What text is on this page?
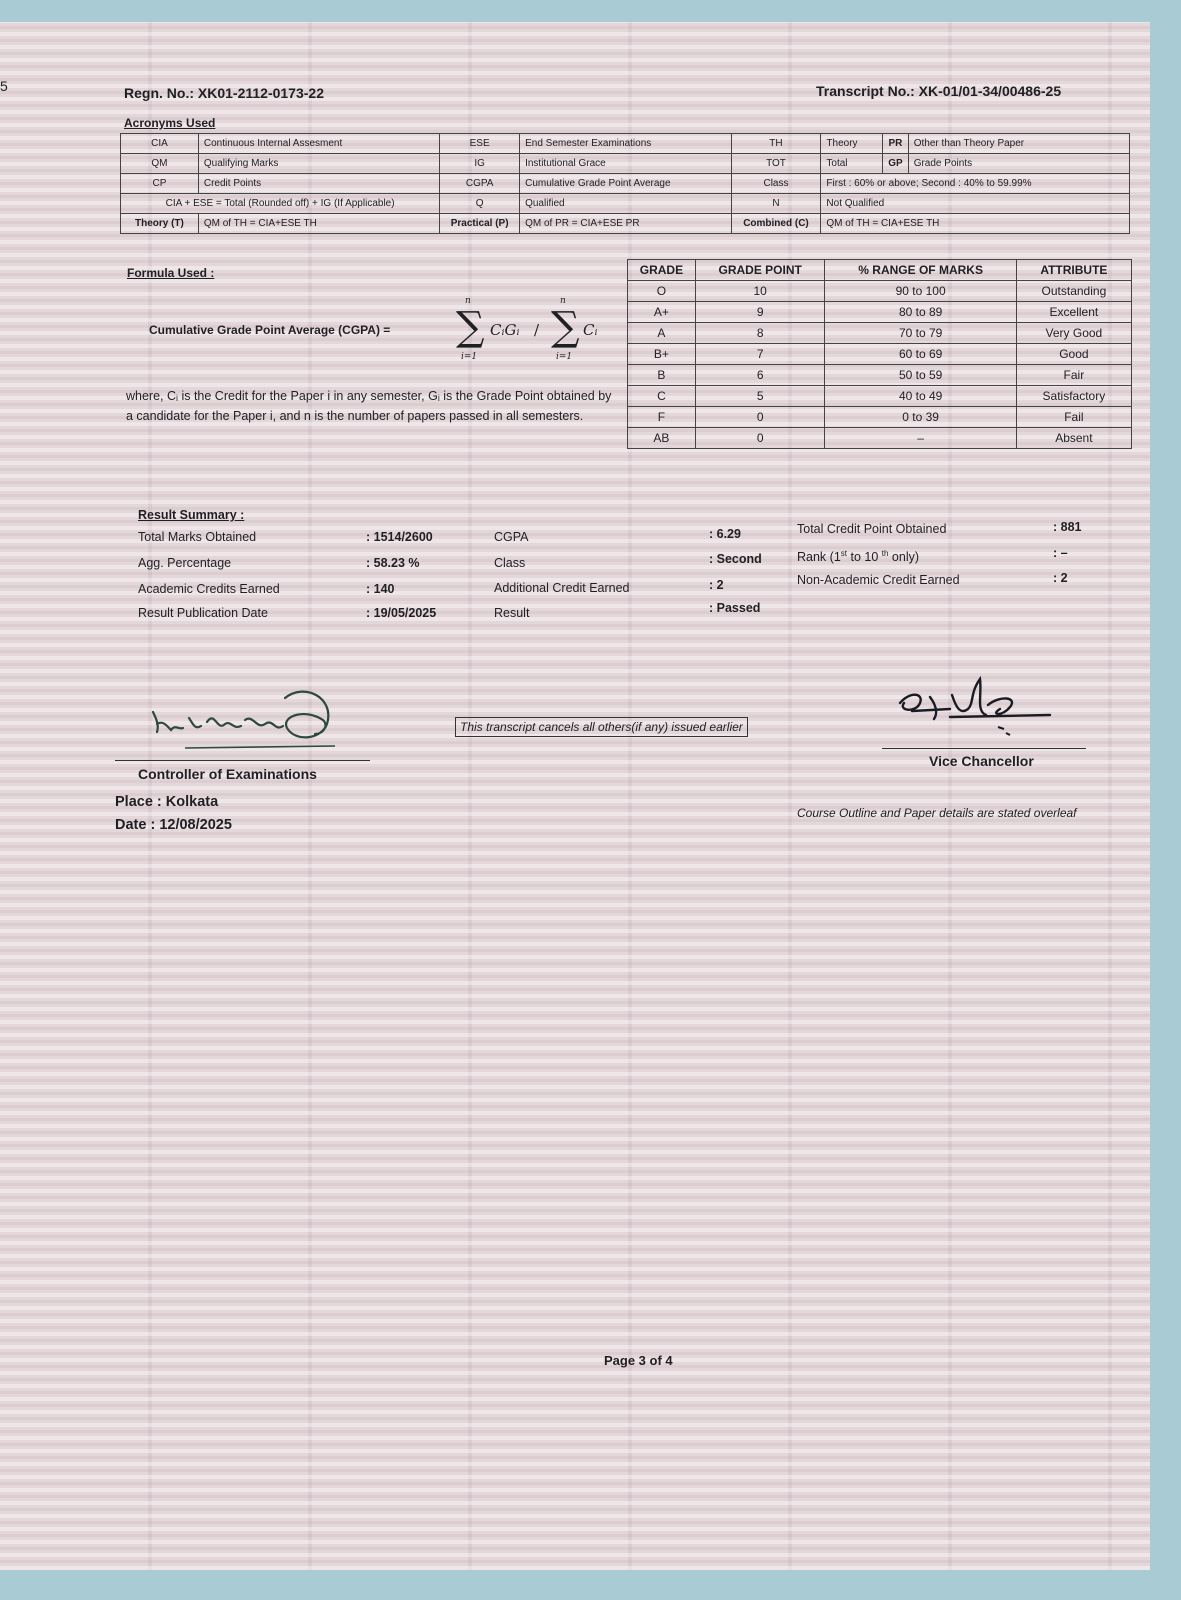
5	Regn. No.: XK01-2112-0173-22	Transcript No.: XK-01/01-34/00486-25
Acronyms Used
CIA	Continuous Internal Assesment	ESE	End Semester Examinations	TH	Theory	PR	Other than Theory Paper
QM	Qualifying Marks	IG	Institutional Grace	TOT	Total	GP	Grade Points
CP	Credit Points	CGPA	Cumulative Grade Point Average	Class	First : 60% or above; Second : 40% to 59.99%		
CIA + ESE = Total (Rounded off) + IG (If Applicable)		Q	Qualified	N	Not Qualified		
Theory (T)	QM of TH = CIA+ESE TH	Practical (P)	QM of PR = CIA+ESE PR	Combined (C)	QM of TH = CIA+ESE TH		
Formula Used :
Cumulative Grade Point Average (CGPA) =
n
∑
i=1
CᵢGᵢ /
n
∑
i=1
Cᵢ
where, Cᵢ is the Credit for the Paper i in any semester, Gᵢ is the Grade Point obtained by a candidate for the Paper i, and n is the number of papers passed in all semesters.
GRADE	GRADE POINT	% RANGE OF MARKS	ATTRIBUTE
O	10	90 to 100	Outstanding
A+	9	80 to 89	Excellent
A	8	70 to 79	Very Good
B+	7	60 to 69	Good
B	6	50 to 59	Fair
C	5	40 to 49	Satisfactory
F	0	0 to 39	Fail
AB	0	–	Absent
Result Summary :
Total Marks Obtained	: 1514/2600
Agg. Percentage	: 58.23 %
Academic Credits Earned	: 140
Result Publication Date	: 19/05/2025
CGPA	: 6.29
Class	: Second
Additional Credit Earned	: 2
Result	: Passed
Total Credit Point Obtained	: 881
Rank (1st to 10 $^{th}$ only)	: –
Non-Academic Credit Earned	: 2
Controller of Examinations
This transcript cancels all others(if any) issued earlier
Vice Chancellor
Place : Kolkata
Date : 12/08/2025
Course Outline and Paper details are stated overleaf
Page 3 of 4
